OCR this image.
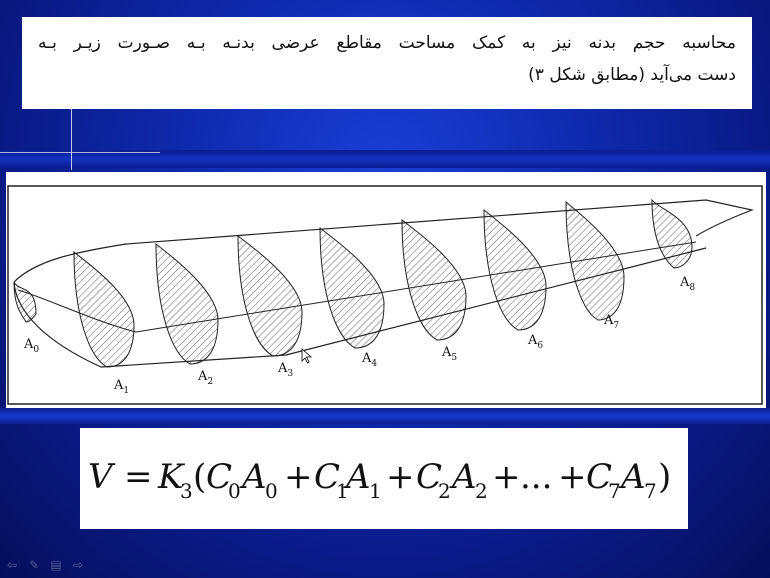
محاسبه حجم بدنه نیز به کمک مساحت مقاطع عرضی بدنـه بـه صـورت زیـر بـه
دست می‌آید (مطابق شکل ۳)
$A_0$
$A_1$
$A_2$
$A_3$
$A_4$
$A_5$
$A_6$
$A_7$
$A_8$
V = K
3 ( C
0 A
0 + C
1
A
1 + C
2 A
2 + ... + C
7 A
7 )
⇦ ✎ ▤ ⇨
